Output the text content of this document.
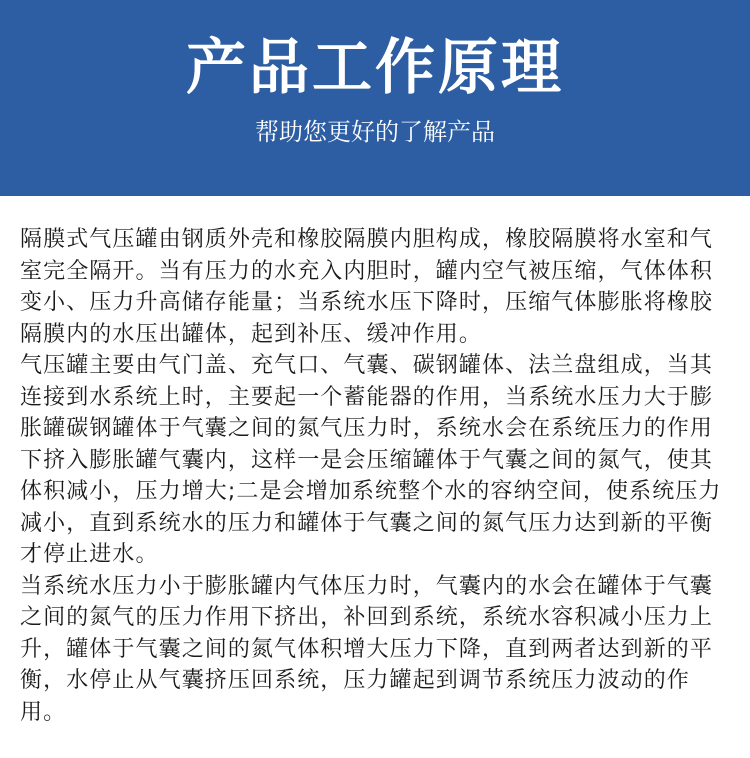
产品工作原理
帮助您更好的了解产品

隔膜式气压罐由钢质外壳和橡胶隔膜内胆构成，橡胶隔膜将水室和气室完全隔开。当有压力的水充入内胆时，罐内空气被压缩，气体体积变小、压力升高储存能量；当系统水压下降时，压缩气体膨胀将橡胶隔膜内的水压出罐体，起到补压、缓冲作用。

气压罐主要由气门盖、充气口、气囊、碳钢罐体、法兰盘组成，当其连接到水系统上时，主要起一个蓄能器的作用，当系统水压力大于膨胀罐碳钢罐体于气囊之间的氮气压力时，系统水会在系统压力的作用下挤入膨胀罐气囊内，这样一是会压缩罐体于气囊之间的氮气，使其体积减小，压力增大;二是会增加系统整个水的容纳空间，使系统压力减小，直到系统水的压力和罐体于气囊之间的氮气压力达到新的平衡才停止进水。

当系统水压力小于膨胀罐内气体压力时，气囊内的水会在罐体于气囊之间的氮气的压力作用下挤出，补回到系统，系统水容积减小压力上升，罐体于气囊之间的氮气体积增大压力下降，直到两者达到新的平衡，水停止从气囊挤压回系统，压力罐起到调节系统压力波动的作用。
